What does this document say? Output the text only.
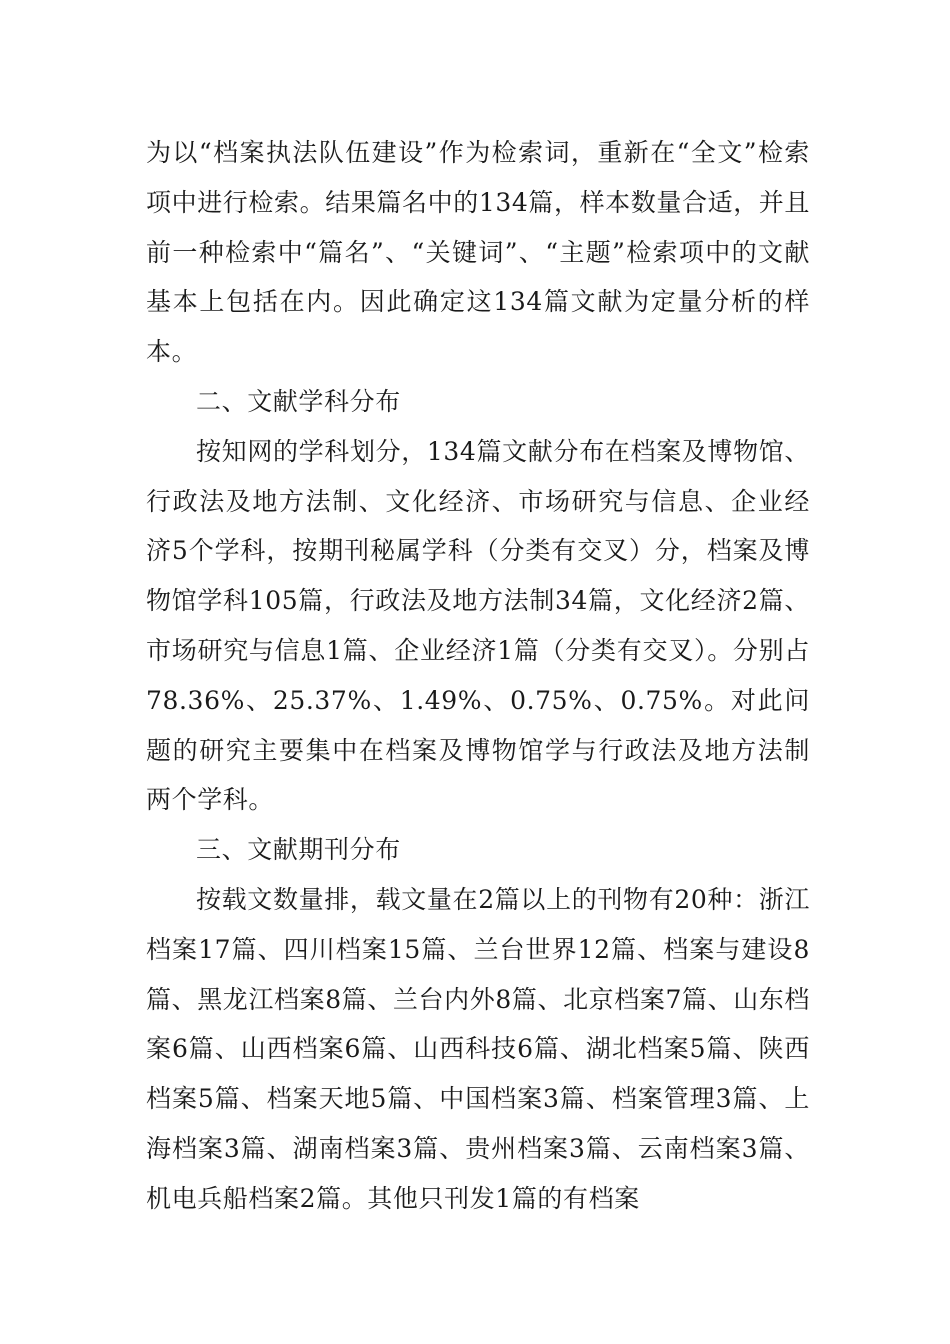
为以“档案执法队伍建设”作为检索词，重新在“全文”检索项中进行检索。结果篇名中的134篇，样本数量合适，并且前一种检索中“篇名”、“关键词”、“主题”检索项中的文献基本上包括在内。因此确定这134篇文献为定量分析的样本。

二、文献学科分布

按知网的学科划分，134篇文献分布在档案及博物馆、行政法及地方法制、文化经济、市场研究与信息、企业经济5个学科，按期刊秘属学科（分类有交叉）分，档案及博物馆学科105篇，行政法及地方法制34篇，文化经济2篇、市场研究与信息1篇、企业经济1篇（分类有交叉）。分别占78.36%、25.37%、1.49%、0.75%、0.75%。对此问题的研究主要集中在档案及博物馆学与行政法及地方法制两个学科。

三、文献期刊分布

按载文数量排，载文量在2篇以上的刊物有20种：浙江档案17篇、四川档案15篇、兰台世界12篇、档案与建设8篇、黑龙江档案8篇、兰台内外8篇、北京档案7篇、山东档案6篇、山西档案6篇、山西科技6篇、湖北档案5篇、陕西档案5篇、档案天地5篇、中国档案3篇、档案管理3篇、上海档案3篇、湖南档案3篇、贵州档案3篇、云南档案3篇、机电兵船档案2篇。其他只刊发1篇的有档案
